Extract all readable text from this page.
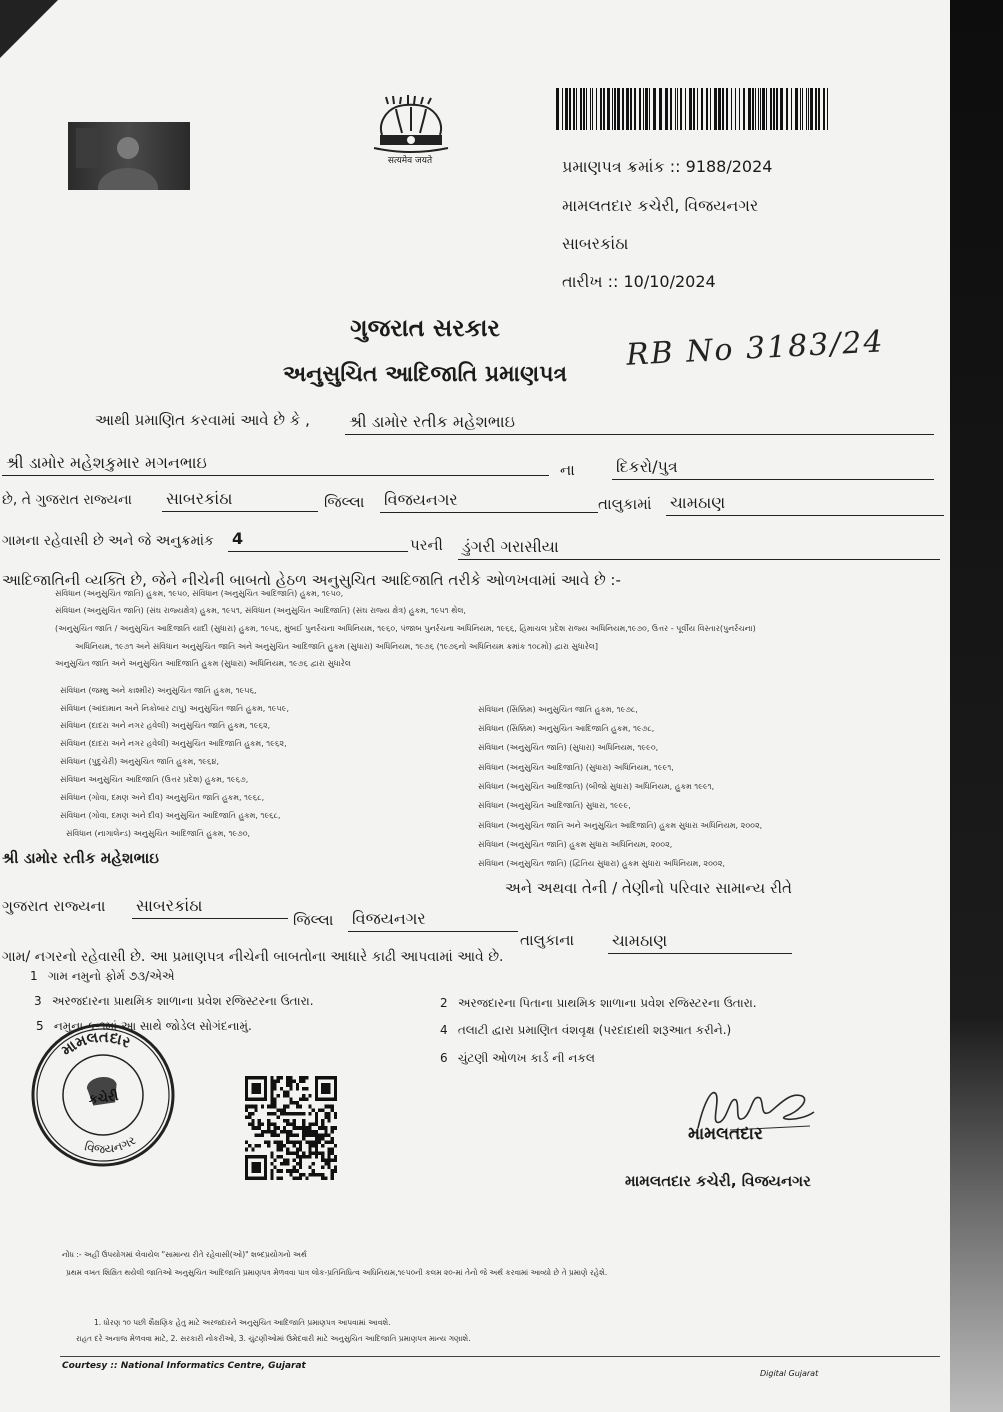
सत्यमेव जयते	પ્રમાણપત્ર ક્રમાંક :: 9188/2024
મામલતદાર કચેરી, વિજયનગર
સાબરકાંઠા
તારીખ :: 10/10/2024
RB No 3183/24
ગુજરાત સરકાર
અનુસુચિત આદિજાતિ પ્રમાણપત્ર
આથી પ્રમાણિત કરવામાં આવે છે કે ,	શ્રી ડામોર રતીક મહેશભાઇ
શ્રી ડામોર મહેશકુમાર મગનભાઇ	ના	દિકરો/પુત્ર
છે, તે ગુજરાત રાજ્યના	સાબરકાંઠા	જિલ્લા	વિજયનગર	તાલુકામાં	ચામઠાણ
ગામના રહેવાસી છે અને જે અનુક્રમાંક	4	પરની	ડુંગરી ગરાસીયા
આદિજાતિની વ્યક્તિ છે, જેને નીચેની બાબતો હેઠળ અનુસુચિત આદિજાતિ તરીકે ઓળખવામાં આવે છે :-
સંવિધાન (અનુસુચિત જાતિ) હુકમ, ૧૯૫૦, સંવિધાન (અનુસુચિત આદિજાતિ) હુકમ, ૧૯૫૦,
સંવિધાન (અનુસુચિત જાતિ) (સંઘ રાજ્યક્ષેત્ર) હુકમ, ૧૯૫૧, સંવિધાન (અનુસુચિત આદિજાતિ) (સંઘ રાજ્ય ક્ષેત્ર) હુકમ, ૧૯૫૧ થેલ,
(અનુસુચિત જાતિ / અનુસુચિત આદિજાતિ યાદી (સુધારા) હુકમ, ૧૯૫૬, મુંબઈ પુનર્રચના અધિનિયમ, ૧૯૬૦, પંજાબ પુનર્રચના અધિનિયમ, ૧૯૬૬, હિમાચલ પ્રદેશ રાજ્ય અધિનિયમ,૧૯૭૦, ઉત્તર - પૂર્વીય વિસ્તાર(પુનર્રચના)
અધિનિયમ, ૧૯૭૧ અને સંવિધાન અનુસુચિત જાતિ અને અનુસુચિત આદિજાતિ હુકમ (સુધારા) અધિનિયમ, ૧૯૭૬ (૧૯૭૬નો અધિનિયમ ક્રમાંક ૧૦૮મો) દ્વારા સુધારેલ]
અનુસુચિત જાતિ અને અનુસુચિત આદિજાતિ હુકમ (સુધારા) અધિનિયમ, ૧૯૭૬ દ્વારા સુધારેલ
સંવિધાન (જમ્મુ અને કાશ્મીર) અનુસુચિત જાતિ હુકમ, ૧૯૫૬,
સંવિધાન (આંદામાન અને નિકોબાર ટાપુ) અનુસુચિત જાતિ હુકમ, ૧૯૫૯,
સંવિધાન (દાદરા અને નગર હવેલી) અનુસુચિત જાતિ હુકમ, ૧૯૬૨,
સંવિધાન (દાદરા અને નગર હવેલી) અનુસુચિત આદિજાતિ હુકમ, ૧૯૬૨,
સંવિધાન (પુદુચેરી) અનુસુચિત જાતિ હુકમ, ૧૯૬૪,
સંવિધાન અનુસુચિત આદિજાતિ (ઉત્તર પ્રદેશ) હુકમ, ૧૯૬૭,
સંવિધાન (ગોવા, દમણ અને દીવ) અનુસુચિત જાતિ હુકમ, ૧૯૬૮,
સંવિધાન (ગોવા, દમણ અને દીવ) અનુસુચિત આદિજાતિ હુકમ, ૧૯૬૮,
સંવિધાન (નાગાલેન્ડ) અનુસુચિત આદિજાતિ હુકમ, ૧૯૭૦,
સંવિધાન (સિક્કિમ) અનુસુચિત જાતિ હુકમ, ૧૯૭૮,
સંવિધાન (સિક્કિમ) અનુસુચિત આદિજાતિ હુકમ, ૧૯૭૮,
સંવિધાન (અનુસુચિત જાતિ) (સુધારા) અધિનિયમ, ૧૯૯૦,
સંવિધાન (અનુસુચિત આદિજાતિ) (સુધારા) અધિનિયમ, ૧૯૯૧,
સંવિધાન (અનુસુચિત આદિજાતિ) (બીજો સુધારા) અધિનિયમ, હુકમ ૧૯૯૧,
સંવિધાન (અનુસુચિત આદિજાતિ) સુધારા, ૧૯૯૯,
સંવિધાન (અનુસુચિત જાતિ અને અનુસુચિત આદિજાતિ) હુકમ સુધારા અધિનિયમ, ૨૦૦૨,
સંવિધાન (અનુસુચિત જાતિ) હુકમ સુધારા અધિનિયમ, ૨૦૦૨,
સંવિધાન (અનુસુચિત જાતિ) (દ્વિતિય સુધારા) હુકમ સુધારા અધિનિયમ, ૨૦૦૨,
શ્રી ડામોર રતીક મહેશભાઇ
અને અથવા તેની / તેણીનો પરિવાર સામાન્ય રીતે
ગુજરાત રાજ્યના	સાબરકાંઠા
જિલ્લા	વિજયનગર
તાલુકાના	ચામઠાણ
ગામ/ નગરનો રહેવાસી છે. આ પ્રમાણપત્ર નીચેની બાબતોના આધારે કાઢી આપવામાં આવે છે.
1 ગામ નમુનો ફોર્મ ૭૩/એએ
2 અરજદારના પિતાના પ્રાથમિક શાળાના પ્રવેશ રજિસ્ટરના ઉતારા.
3 અરજદારના પ્રાથમિક શાળાના પ્રવેશ રજિસ્ટરના ઉતારા.
4 તલાટી દ્વારા પ્રમાણિત વંશવૃક્ષ (પરદાદાથી શરૂઆત કરીને.)
5 નમુના ક-૧માં આ સાથે જોડેલ સોગંદનામું.
6 ચુંટણી ઓળખ કાર્ડ ની નકલ
મામલતદાર
કચેરી
વિજયનગર	મામલતદાર
મામલતદાર કચેરી, વિજયનગર
નોંધ :- અહીં ઉપયોગમાં લેવાયેલ "સામાન્ય રીતે રહેવાસી(ઓ)" શબ્દપ્રયોગનો અર્થ
પ્રથમ વખત શિક્ષિત થયેલી જાતિઓ અનુસુચિત આદિજાતિ પ્રમાણપત્ર મેળવવા પાત્ર લોક-પ્રતિનિધિત્વ અધિનિયમ,૧૯૫૦ની કલમ ૨૦-માં તેનો જે અર્થ કરવામાં આવ્યો છે તે પ્રમાણે રહેશે.
1. ધોરણ ૧૦ પછી શૈક્ષણિક હેતુ માટે અરજદારને અનુસુચિત આદિજાતિ પ્રમાણપત્ર આપવામાં આવશે.
રાહત દરે અનાજ મેળવવા માટે, 2. સરકારી નોકરીઓ, 3. ચુંટણીઓમાં ઉમેદવારી માટે અનુસુચિત આદિજાતિ પ્રમાણપત્ર માન્ય ગણાશે.
Courtesy :: National Informatics Centre, Gujarat
Digital Gujarat
